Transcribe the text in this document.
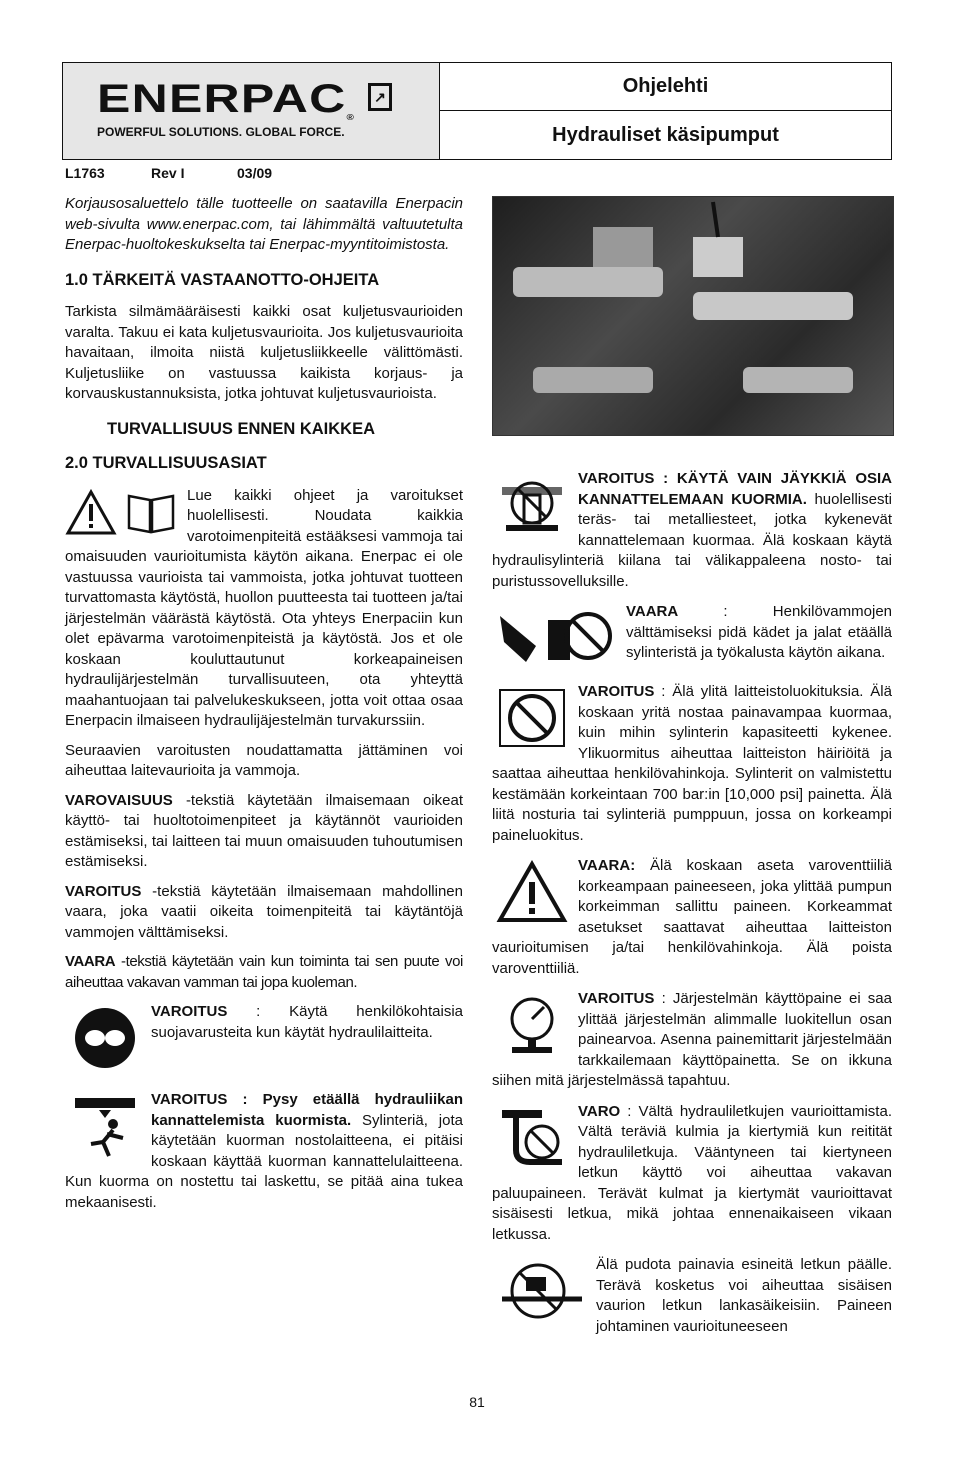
ENERPAC®
↗
POWERFUL SOLUTIONS. GLOBAL FORCE.
Ohjelehti
Hydrauliset käsipumput
L1763	Rev I	03/09

Korjausosaluettelo tälle tuotteelle on saatavilla Enerpacin web-sivulta www.enerpac.com, tai lähimmältä valtuutetulta Enerpac-huoltokeskukselta tai Enerpac-myyntitoimistosta.

1.0 TÄRKEITÄ VASTAANOTTO-OHJEITA

Tarkista silmämääräisesti kaikki osat kuljetusvaurioiden varalta. Takuu ei kata kuljetusvaurioita. Jos kuljetusvaurioita havaitaan, ilmoita niistä kuljetusliikkeelle välittömästi. Kuljetusliike on vastuussa kaikista korjaus- ja korvauskustannuksista, jotka johtuvat kuljetusvaurioista.

TURVALLISUUS ENNEN KAIKKEA
2.0 TURVALLISUUSASIAT

Lue kaikki ohjeet ja varoitukset huolellisesti. Noudata kaikkia varotoimenpiteitä estääksesi vammoja tai omaisuuden vaurioitumista käytön aikana. Enerpac ei ole vastuussa vaurioista tai vammoista, jotka johtuvat tuotteen turvattomasta käytöstä, huollon puutteesta tai tuotteen ja/tai järjestelmän väärästä käytöstä. Ota yhteys Enerpaciin kun olet epävarma varotoimenpiteistä ja käytöstä. Jos et ole koskaan kouluttautunut korkeapaineisen hydraulijärjestelmän turvallisuuteen, ota yhteyttä maahantuojaan tai palvelukeskukseen, jotta voit ottaa osaa Enerpacin ilmaiseen hydraulijäjestelmän turvakurssiin.

Seuraavien varoitusten noudattamatta jättäminen voi aiheuttaa laitevaurioita ja vammoja.

VAROVAISUUS -tekstiä käytetään ilmaisemaan oikeat käyttö- tai huoltotoimenpiteet ja käytännöt vaurioiden estämiseksi, tai laitteen tai muun omaisuuden tuhoutumisen estämiseksi.

VAROITUS -tekstiä käytetään ilmaisemaan mahdollinen vaara, joka vaatii oikeita toimenpiteitä tai käytäntöjä vammojen välttämiseksi.

VAARA -tekstiä käytetään vain kun toiminta tai sen puute voi aiheuttaa vakavan vamman tai jopa kuoleman.

VAROITUS : Käytä henkilökohtaisia suojavarusteita kun käytät hydraulilaitteita.
VAROITUS : Pysy etäällä hydrauliikan kannattelemista kuormista. Sylinteriä, jota käytetään kuorman nostolaitteena, ei pitäisi koskaan käyttää kuorman kannattelulaitteena. Kun kuorma on nostettu tai laskettu, se pitää aina tukea mekaanisesti.
VAROITUS : KÄYTÄ VAIN JÄYKKIÄ OSIA KANNATTELEMAAN KUORMIA. huolellisesti teräs- tai metalliesteet, jotka kykenevät kannattelemaan kuormaa. Älä koskaan käytä hydraulisylinteriä kiilana tai välikappaleena nosto- tai puristussovelluksille.
VAARA : Henkilövammojen välttämiseksi pidä kädet ja jalat etäällä sylinteristä ja työkalusta käytön aikana.
VAROITUS : Älä ylitä laitteistoluokituksia. Älä koskaan yritä nostaa painavampaa kuormaa, kuin mihin sylinterin kapasiteetti kykenee. Ylikuormitus aiheuttaa laitteiston häiriöitä ja saattaa aiheuttaa henkilövahinkoja. Sylinterit on valmistettu kestämään korkeintaan 700 bar:in [10,000 psi] painetta. Älä liitä nosturia tai sylinteriä pumppuun, jossa on korkeampi paineluokitus.
VAARA: Älä koskaan aseta varoventtiiliä korkeampaan paineeseen, joka ylittää pumpun korkeimman sallittu paineen. Korkeammat asetukset saattavat aiheuttaa laitteiston vaurioitumisen ja/tai henkilövahinkoja. Älä poista varoventtiiliä.
VAROITUS : Järjestelmän käyttöpaine ei saa ylittää järjestelmän alimmalle luokitellun osan painearvoa. Asenna painemittarit järjestelmään tarkkailemaan käyttöpainetta. Se on ikkuna siihen mitä järjestelmässä tapahtuu.
VARO : Vältä hydrauliletkujen vaurioittamista. Vältä teräviä kulmia ja kiertymiä kun reitität hydrauliletkuja. Vääntyneen tai kiertyneen letkun käyttö voi aiheuttaa vakavan paluupaineen. Terävät kulmat ja kiertymät vaurioittavat sisäisesti letkua, mikä johtaa ennenaikaiseen vikaan letkussa.
Älä pudota painavia esineitä letkun päälle. Terävä kosketus voi aiheuttaa sisäisen vaurion letkun lankasäikeisiin. Paineen johtaminen vaurioituneeseen
81
